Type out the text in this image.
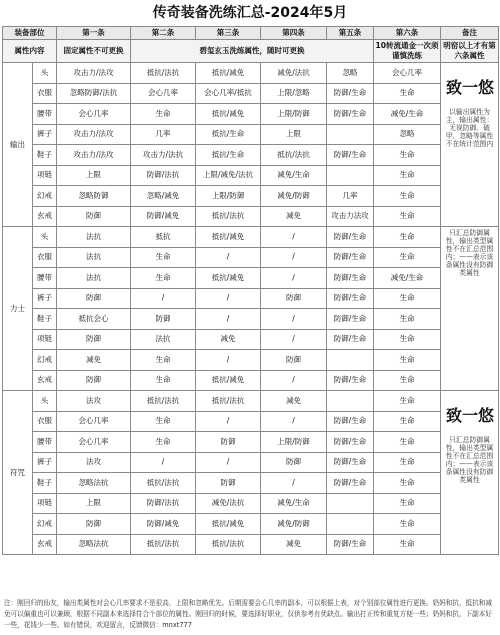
传奇装备洗练汇总-2024年5月
装备部位		第一条	第二条	第三条	第四条	第五条	第六条	备注
属性内容		固定属性不可更换	碧玺玄玉洗练属性，随时可更换				10转流通金一次须谨慎洗练	明窑以上才有第六条属性
输出	头	攻击力/法攻	抵抗/法抗	抵抗/减免	减免/法抗	忽略	会心几率	致一悠
以输出属性为主，输出属性：无视防御、破甲、忽略等属性不在统计范围内
	衣服	忽略防御/法抗	会心几率	会心几率/抵抗	上限/忽略	防御/生命	生命	
	腰带	会心几率	生命	抵抗/减免	上限/防御	防御/生命	减免/生命	
	裤子	攻击力/法攻	几率	抵抗/生命	上限		忽略	
	鞋子	攻击力/法攻	攻击力/法抗	抵抗/生命	抵抗/法抗	防御/生命	生命	
	项链	上限	防御/法抗	上限/减免/法抗	减免/生命		生命	
	幻戒	忽略防御	忽略/减免	上限/防御	减免/防御	几率	生命	
	玄戒	防御	防御/减免	抵抗/法抗	减免	攻击力法攻	生命	
力士	头	法抗	抵抗	抵抗/减免	/	防御/生命	生命	只汇总防御属性，输出类型属性不在汇总范围内；——表示该条属性没有防御类属性
	衣服	法抗	生命	/	/	防御/生命	生命	
	腰带	法抗	生命	抵抗/减免	/	防御/生命	减免/生命	
	裤子	防御	/	/	防御	防御/生命	生命	
	鞋子	抵抗会心	防御	/	/	防御/生命	生命	
	项链	防御	法抗	减免	/	防御/生命	生命	
	幻戒	减免	生命	/	防御		生命	
	玄戒	防御	生命	抵抗/减免	/	防御/生命	生命	
符咒	头	法攻	抵抗/法抗	抵抗/法抗	减免		生命	致一悠
只汇总防御属性，输出类型属性不在汇总范围内；——表示该条属性没有防御类属性
	衣服	会心几率	生命	/	/	防御/生命	生命	
	腰带	会心几率	生命	防御	上限/防御	防御/生命	生命	
	裤子	法攻	/	/	防御	防御/生命	生命	
	鞋子	忽略法抗	抵抗/法抗	防御	/	防御/生命	生命	
	项链	上限	防御/法抗	减免/法抗	减免/生命		生命	
	幻戒	防御	防御/减免	抵抗/减免	减免/防御		生命	
	玄戒	忽略法抗	抵抗/法抗	抵抗/法抗	减免	防御/生命	生命	
注：刚回归的仙友，输出类属性对会心几率要求不是很高，上限和忽略优先。后期需要会心几率的副本，可以根据上表，对个别部位属性进行更换。奶妈和抗，抵抗和减免可以偏重也可以兼顾，根据不同副本来选择符合个部位的属性。刚回归的时候，要选择好职业，仅供参考有优缺点。输出打正传和重复方便一些；奶妈和抗，下副本好一些，花钱少一些。如有错误，欢迎留言，反馈微信：mnxt777
